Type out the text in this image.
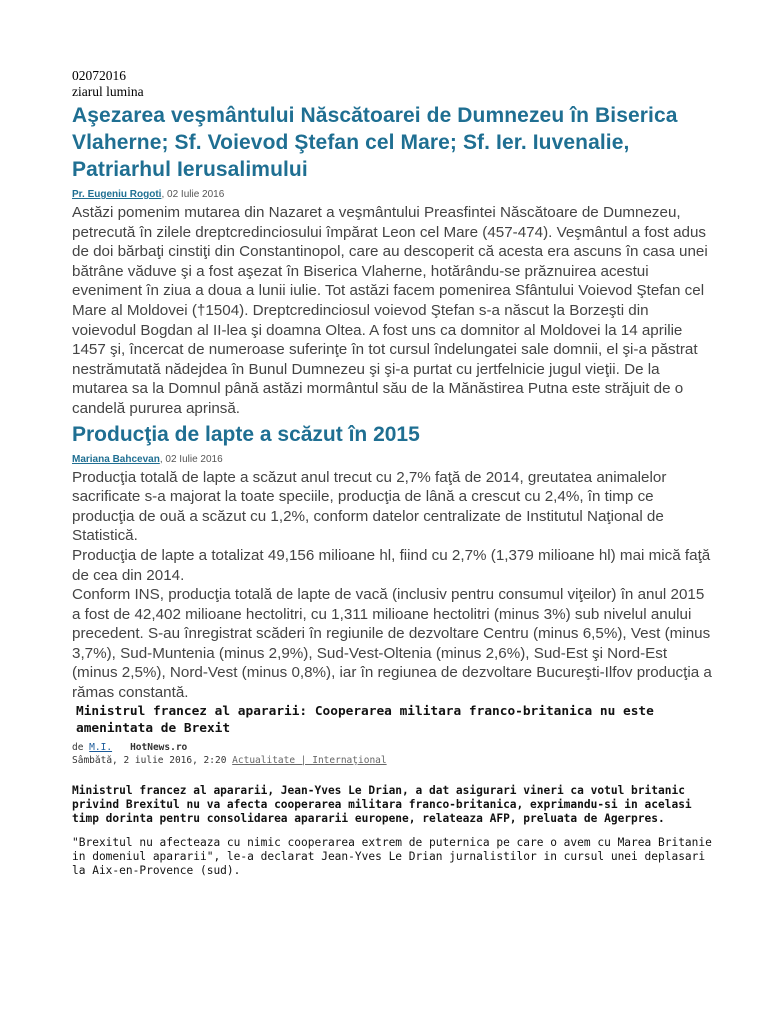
02072016
ziarul lumina
Aşezarea veşmântului Născătoarei de Dumnezeu în Biserica Vlaherne; Sf. Voievod Ştefan cel Mare; Sf. Ier. Iuvenalie, Patriarhul Ierusalimului
Pr. Eugeniu Rogoti, 02 Iulie 2016

Astăzi pomenim mutarea din Nazaret a veşmântului Preasfintei Născătoare de Dumnezeu, petrecută în zilele dreptcredinciosului împărat Leon cel Mare (457-474). Veşmântul a fost adus de doi bărbaţi cinstiţi din Constantinopol, care au descoperit că acesta era ascuns în casa unei bătrâne văduve şi a fost aşezat în Biserica Vlaherne, hotărându-se prăznuirea acestui eveniment în ziua a doua a lunii iulie. Tot astăzi facem pomenirea Sfântului Voievod Ştefan cel Mare al Moldovei (†1504). Dreptcredinciosul voievod Ştefan s-a născut la Borzeşti din voievodul Bogdan al II-lea şi doamna Oltea. A fost uns ca domnitor al Moldovei la 14 aprilie 1457 şi, încercat de numeroase suferinţe în tot cursul îndelungatei sale domnii, el şi-a păstrat nestrămutată nădejdea în Bunul Dumnezeu şi şi-a purtat cu jertfelnicie jugul vieţii. De la mutarea sa la Domnul până astăzi mormântul său de la Mănăstirea Putna este străjuit de o candelă pururea aprinsă.

Producţia de lapte a scăzut în 2015
Mariana Bahcevan, 02 Iulie 2016

Producţia totală de lapte a scăzut anul trecut cu 2,7% faţă de 2014, greutatea animalelor sacrificate s-a majorat la toate speciile, producţia de lână a crescut cu 2,4%, în timp ce producţia de ouă a scăzut cu 1,2%, conform datelor centralizate de Institutul Naţional de Statistică.

Producţia de lapte a totalizat 49,156 milioane hl, fiind cu 2,7% (1,379 milioane hl) mai mică faţă de cea din 2014.

Conform INS, producţia totală de lapte de vacă (inclusiv pentru consumul viţeilor) în anul 2015 a fost de 42,402 milioane hectolitri, cu 1,311 milioane hectolitri (minus 3%) sub nivelul anului precedent. S-au înregistrat scăderi în regiunile de dezvoltare Centru (minus 6,5%), Vest (minus 3,7%), Sud-Muntenia (minus 2,9%), Sud-Vest-Oltenia (minus 2,6%), Sud-Est şi Nord-Est (minus 2,5%), Nord-Vest (minus 0,8%), iar în regiunea de dezvoltare Bucureşti-Ilfov producţia a rămas constantă.

Ministrul francez al apararii: Cooperarea militara franco-britanica nu este amenintata de Brexit
de M.I. HotNews.ro
Sâmbătă, 2 iulie 2016, 2:20 Actualitate | Internaţional
Ministrul francez al apararii, Jean-Yves Le Drian, a dat asigurari vineri ca votul britanic privind Brexitul nu va afecta cooperarea militara franco-britanica, exprimandu-si in acelasi timp dorinta pentru consolidarea apararii europene, relateaza AFP, preluata de Agerpres.
"Brexitul nu afecteaza cu nimic cooperarea extrem de puternica pe care o avem cu Marea Britanie in domeniul apararii", le-a declarat Jean-Yves Le Drian jurnalistilor in cursul unei deplasari la Aix-en-Provence (sud).
